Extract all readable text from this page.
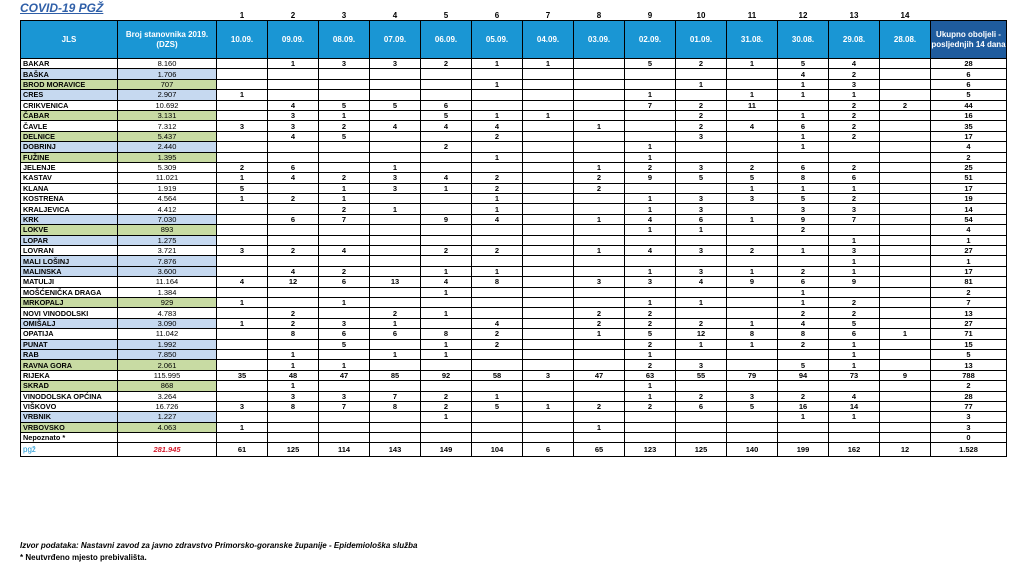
COVID-19 PGŽ
			1	2	3	4	5	6	7	8	9	10	11	12	13	14	
JLS	Broj stanovnika 2019. (DZS)	10.09.	09.09.	08.09.	07.09.	06.09.	05.09.	04.09.	03.09.	02.09.	01.09.	31.08.	30.08.	29.08.	28.08.	Ukupno oboljeli - posljednjih 14 dana
BAKAR	8.160		1	3	3	2	1	1		5	2	1	5	4		28
BAŠKA	1.706												4	2		6
BROD MORAVICE	707						1				1		1	3		6
CRES	2.907	1								1		1	1	1		5
CRIKVENICA	10.692		4	5	5	6				7	2	11		2	2	44
ČABAR	3.131		3	1		5	1	1			2		1	2		16
ČAVLE	7.312	3	3	2	4	4	4		1		2	4	6	2		35
DELNICE	5.437		4	5			2				3		1	2		17
DOBRINJ	2.440					2				1			1			4
FUŽINE	1.395						1			1						2
JELENJE	5.309	2	6		1				1	2	3	2	6	2		25
KASTAV	11.021	1	4	2	3	4	2		2	9	5	5	8	6		51
KLANA	1.919	5		1	3	1	2		2			1	1	1		17
KOSTRENA	4.564	1	2	1			1			1	3	3	5	2		19
KRALJEVICA	4.412			2	1		1			1	3		3	3		14
KRK	7.030		6	7		9	4		1	4	6	1	9	7		54
LOKVE	893									1	1		2			4
LOPAR	1.275													1		1
LOVRAN	3.721	3	2	4		2	2		1	4	3	2	1	3		27
MALI LOŠINJ	7.876													1		1
MALINSKA	3.600		4	2		1	1			1	3	1	2	1		17
MATULJI	11.164	4	12	6	13	4	8		3	3	4	9	6	9		81
MOŠĆENIČKA DRAGA	1.384					1							1			2
MRKOPALJ	929	1		1						1	1		1	2		7
NOVI VINODOLSKI	4.783		2		2	1			2	2			2	2		13
OMIŠALJ	3.090	1	2	3	1		4		2	2	2	1	4	5		27
OPATIJA	11.042		8	6	6	8	2		1	5	12	8	8	6	1	71
PUNAT	1.992			5		1	2			2	1	1	2	1		15
RAB	7.850		1		1	1				1				1		5
RAVNA GORA	2.061		1	1						2	3		5	1		13
RIJEKA	115.995	35	48	47	85	92	58	3	47	63	55	79	94	73	9	788
SKRAD	868		1							1						2
VINODOLSKA OPĆINA	3.264		3	3	7	2	1			1	2	3	2	4		28
VIŠKOVO	16.726	3	8	7	8	2	5	1	2	2	6	5	16	14		77
VRBNIK	1.227					1							1	1		3
VRBOVSKO	4.063	1							1							3
Nepoznato *																0
pgž	281.945	61	125	114	143	149	104	6	65	123	125	140	199	162	12	1.528
Izvor podataka: Nastavni zavod za javno zdravstvo Primorsko-goranske županije - Epidemiološka služba
* Neutvrđeno mjesto prebivališta.
